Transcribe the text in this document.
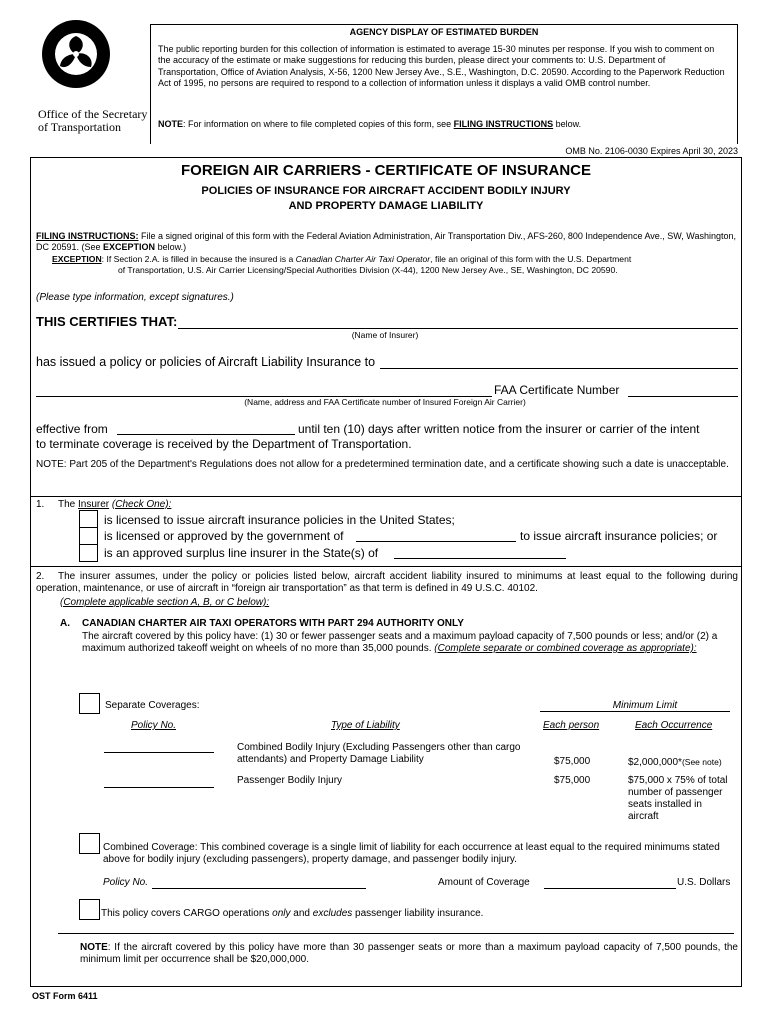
Office of the Secretary
of Transportation
AGENCY DISPLAY OF ESTIMATED BURDEN
The public reporting burden for this collection of information is estimated to average 15-30 minutes per response. If you wish to comment on the accuracy of the estimate or make suggestions for reducing this burden, please direct your comments to: U.S. Department of Transportation, Office of Aviation Analysis, X-56, 1200 New Jersey Ave., S.E., Washington, D.C. 20590. According to the Paperwork Reduction Act of 1995, no persons are required to respond to a collection of information unless it displays a valid OMB control number.
NOTE: For information on where to file completed copies of this form, see FILING INSTRUCTIONS below.
OMB No. 2106-0030 Expires April 30, 2023
FOREIGN AIR CARRIERS - CERTIFICATE OF INSURANCE
POLICIES OF INSURANCE FOR AIRCRAFT ACCIDENT BODILY INJURY
AND PROPERTY DAMAGE LIABILITY
FILING INSTRUCTIONS: File a signed original of this form with the Federal Aviation Administration, Air Transportation Div., AFS-260, 800 Independence Ave., SW, Washington, DC 20591. (See EXCEPTION below.)
EXCEPTION: If Section 2.A. is filled in because the insured is a Canadian Charter Air Taxi Operator, file an original of this form with the U.S. Department
of Transportation, U.S. Air Carrier Licensing/Special Authorities Division (X-44), 1200 New Jersey Ave., SE, Washington, DC 20590.
(Please type information, except signatures.)
THIS CERTIFIES THAT:
(Name of Insurer)
has issued a policy or policies of Aircraft Liability Insurance to
FAA Certificate Number
(Name, address and FAA Certificate number of Insured Foreign Air Carrier)
effective from	until ten (10) days after written notice from the insurer or carrier of the intent
to terminate coverage is received by the Department of Transportation.
NOTE: Part 205 of the Department's Regulations does not allow for a predetermined termination date, and a certificate showing such a date is unacceptable.
1. The Insurer (Check One):
is licensed to issue aircraft insurance policies in the United States;
is licensed or approved by the government of	to issue aircraft insurance policies; or
is an approved surplus line insurer in the State(s) of
2.	The insurer assumes, under the policy or policies listed below, aircraft accident liability insured to minimums at least equal to the following during operation, maintenance, or use of aircraft in “foreign air transportation” as that term is defined in 49 U.S.C. 40102.
(Complete applicable section A, B, or C below):
A. CANADIAN CHARTER AIR TAXI OPERATORS WITH PART 294 AUTHORITY ONLY
The aircraft covered by this policy have: (1) 30 or fewer passenger seats and a maximum payload capacity of 7,500 pounds or less; and/or (2) a maximum authorized takeoff weight on wheels of no more than 35,000 pounds. (Complete separate or combined coverage as appropriate):
Separate Coverages:	Minimum Limit
Policy No.	Type of Liability	Each person	Each Occurrence
Combined Bodily Injury (Excluding Passengers other than cargo attendants) and Property Damage Liability	$75,000	$2,000,000*(See note)
Passenger Bodily Injury	$75,000	$75,000 x 75% of total number of passenger seats installed in aircraft
Combined Coverage: This combined coverage is a single limit of liability for each occurrence at least equal to the required minimums stated above for bodily injury (excluding passengers), property damage, and passenger bodily injury.
Policy No.	Amount of Coverage	U.S. Dollars
This policy covers CARGO operations only and excludes passenger liability insurance.
NOTE: If the aircraft covered by this policy have more than 30 passenger seats or more than a maximum payload capacity of 7,500 pounds, the minimum limit per occurrence shall be $20,000,000.
OST Form 6411
